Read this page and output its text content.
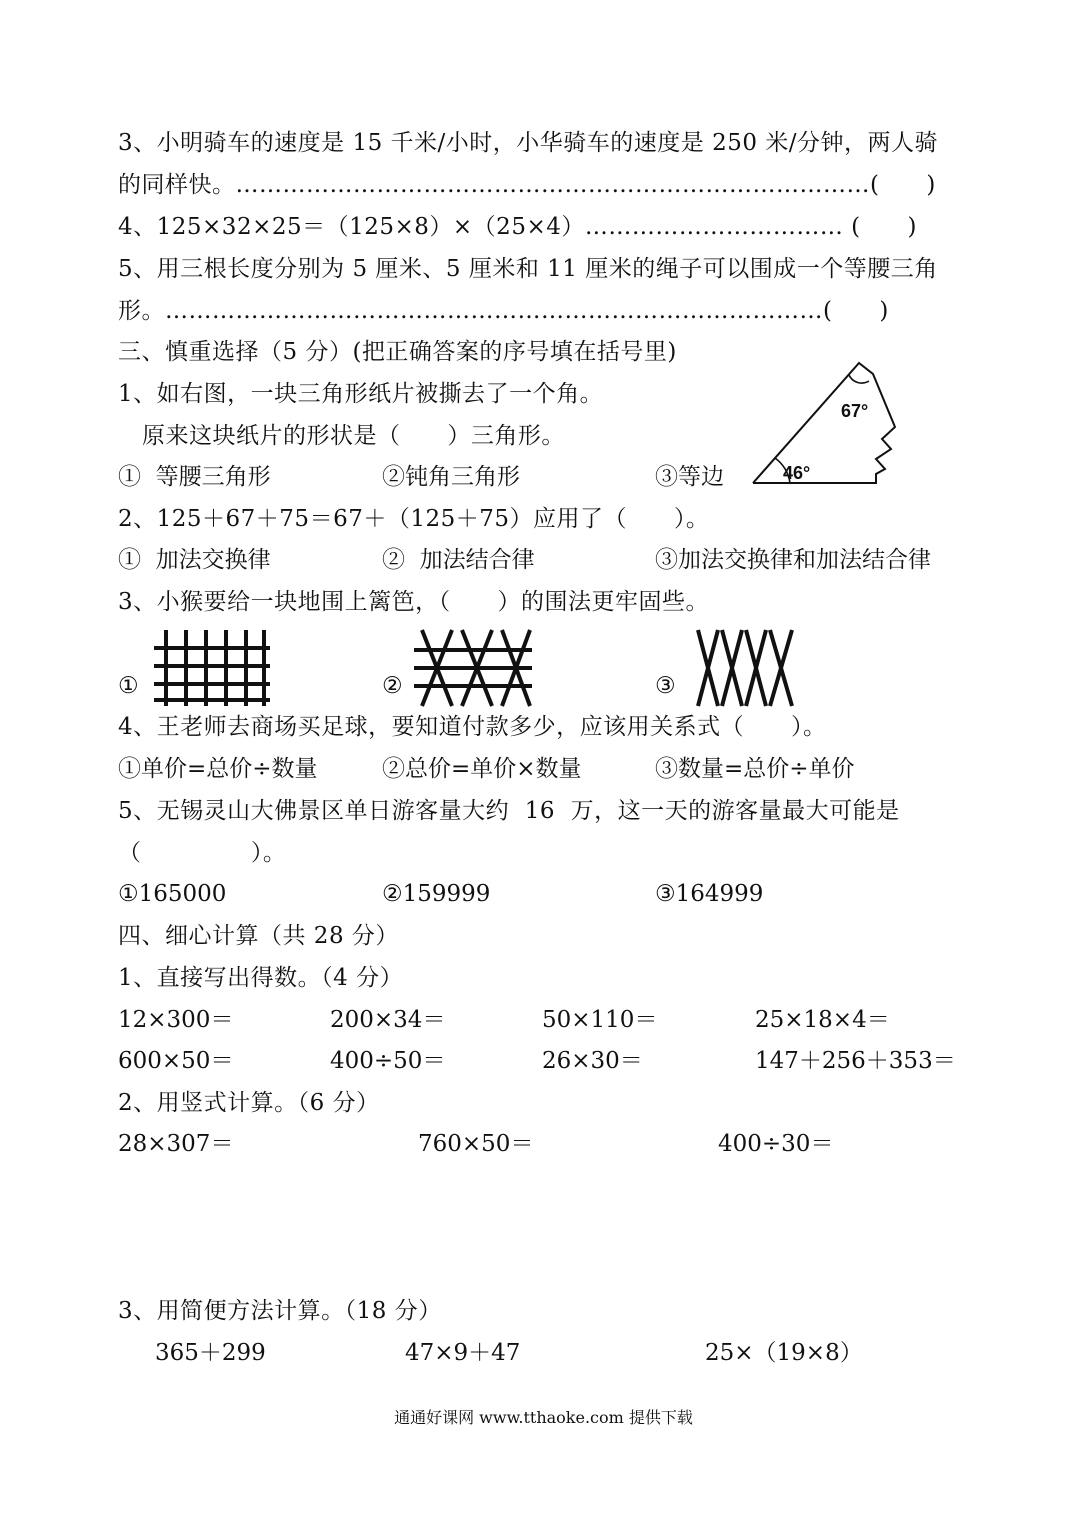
3、小明骑车的速度是 15 千米/小时，小华骑车的速度是 250 米/分钟，两人骑
的同样快。………………………………………………………………………(      )
4、125×32×25＝（125×8）×（25×4）…………………………… (      )
5、用三根长度分别为 5 厘米、5 厘米和 11 厘米的绳子可以围成一个等腰三角
形。…………………………………………………………………………(      )
三、慎重选择（5 分）(把正确答案的序号填在括号里)
1、如右图，一块三角形纸片被撕去了一个角。
原来这块纸片的形状是（      ）三角形。
①  等腰三角形	②钝角三角形	③等边
67°
46°
2、125＋67＋75＝67＋（125＋75）应用了（      ）。
①  加法交换律	②  加法结合律	③加法交换律和加法结合律
3、小猴要给一块地围上篱笆，（      ）的围法更牢固些。
①	②	③
4、王老师去商场买足球，要知道付款多少，应该用关系式（      ）。
①单价=总价÷数量	②总价=单价×数量	③数量=总价÷单价
5、无锡灵山大佛景区单日游客量大约  16  万，这一天的游客量最大可能是
（              ）。
①165000	②159999	③164999
四、细心计算（共 28 分）
1、直接写出得数。（4 分）
12×300＝	200×34＝	50×110＝	25×18×4＝
600×50＝	400÷50＝	26×30＝	147＋256＋353＝
2、用竖式计算。（6 分）
28×307＝	760×50＝	400÷30＝
3、用简便方法计算。（18 分）
365＋299	47×9＋47	25×（19×8）
通通好课网 www.tthaoke.com 提供下载
